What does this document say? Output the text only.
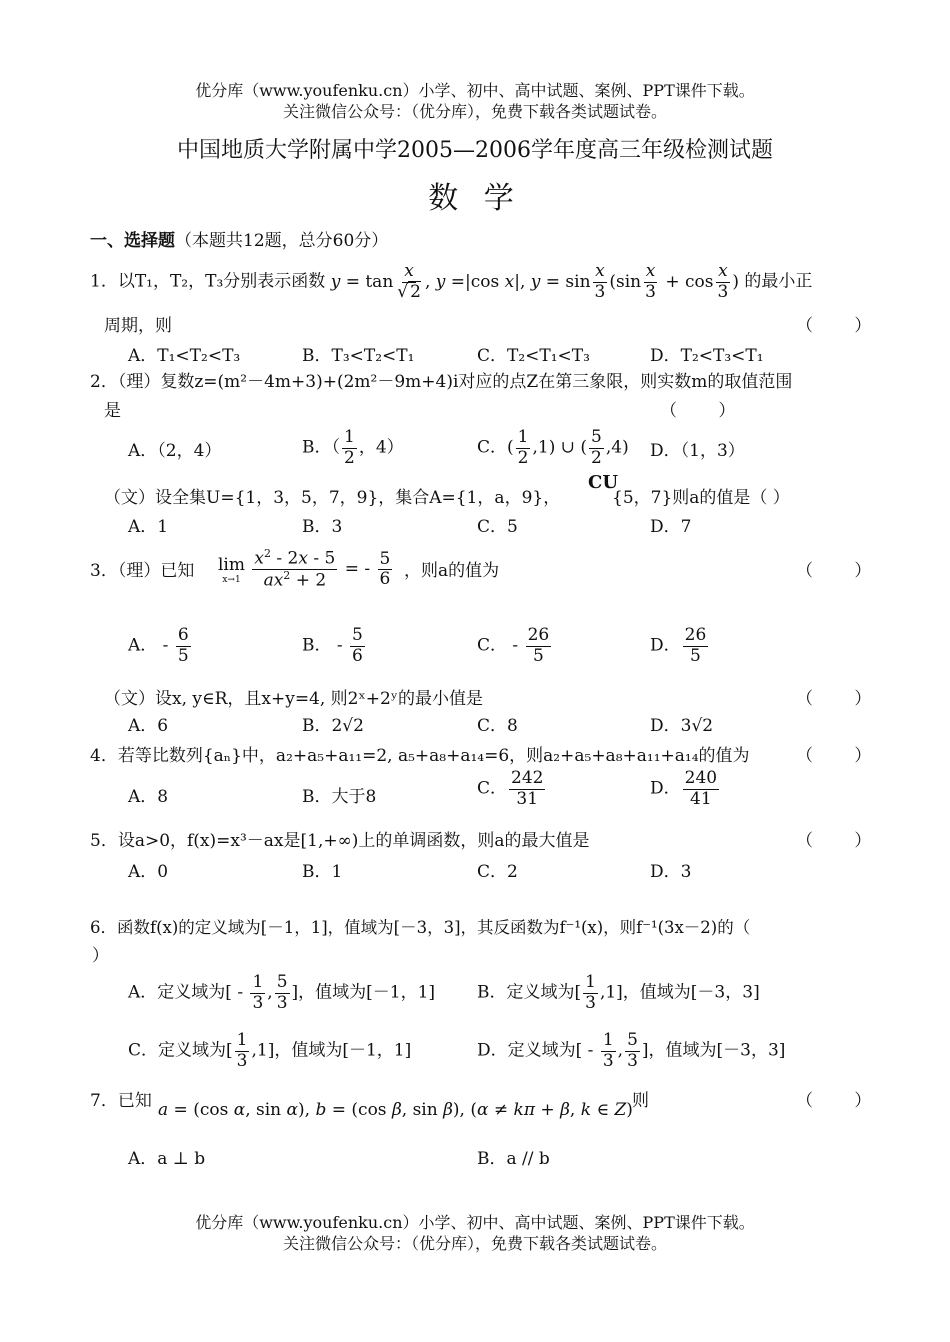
优分库（www.youfenku.cn）小学、初中、高中试题、案例、PPT课件下载。
关注微信公众号：（优分库），免费下载各类试题试卷。
中国地质大学附属中学2005—2006学年度高三年级检测试题
数 学
一、选择题（本题共12题，总分60分）
1．以T₁，T₂，T₃分别表示函数 $y = \tan \frac{x}{√ 2}$ , y =|cos x|, $y = \sin \frac{x}{3} (\sin \frac{x}{3} + \cos \frac{x}{3}$ ) 的最小正
周期，则	（ ）
A．T₁<T₂<T₃	B．T₃<T₂<T₁	C．T₂<T₁<T₃	D．T₂<T₃<T₁
2．（理）复数z=(m²－4m+3)+(2m²－9m+4)i对应的点Z在第三象限，则实数m的取值范围
是	（ ）
A．（2，4）	B．（ $\frac{1}{2}$ ，4）	C．( $\frac{1}{2} ,1$) ∪ ( $\frac{5}{2} ,4$) D．（1，3）
（文）设全集U={1，3，5，7，9}，集合A={1，a，9}，
CU
{5，7}则a的值是（ ）
A．1	B．3	C．5	D．7
3．（理）已知 lim
x→1
$\frac{x^2 - 2x - 5}{ax^2 + 2}$ = - $\frac{5}{6}$ ，则a的值为	（ ）
A． - $\frac{6}{5}$	B． - $\frac{5}{6}$	C． - $\frac{26}{5}$	D． $\frac{26}{5}$
（文）设x, y∈R，且x+y=4, 则2ˣ+2ʸ的最小值是	（ ）
A．6	B．2√2	C．8	D．3√2
4．若等比数列{aₙ}中，a₂+a₅+a₁₁=2, a₅+a₈+a₁₄=6，则a₂+a₅+a₈+a₁₁+a₁₄的值为	（ ）
A．8	B．大于8	C． $\frac{242}{31}$	D． $\frac{240}{41}$
5．设a>0，f(x)=x³－ax是[1,+∞)上的单调函数，则a的最大值是	（ ）
A．0	B．1	C．2	D．3
6．函数f(x)的定义域为[－1，1]，值域为[－3，3]，其反函数为f⁻¹(x)，则f⁻¹(3x－2)的（
）
A．定义域为[ - $\frac{1}{3}$ , $\frac{5}{3}$ ]，值域为[－1，1] B．定义域为[ $\frac{1}{3} ,1$]，值域为[－3，3]
C．定义域为[ $\frac{1}{3} ,1$]，值域为[－1，1]	D．定义域为[ - $\frac{1}{3}$ , $\frac{5}{3}$ ]，值域为[－3，3]
7．已知 a = (cos α, sin α), b = (cos β, sin β), (α ≠ kπ + β, k ∈ Z) 则	（ ）
A．a ⊥ b	B．a // b
优分库（www.youfenku.cn）小学、初中、高中试题、案例、PPT课件下载。
关注微信公众号：（优分库），免费下载各类试题试卷。
